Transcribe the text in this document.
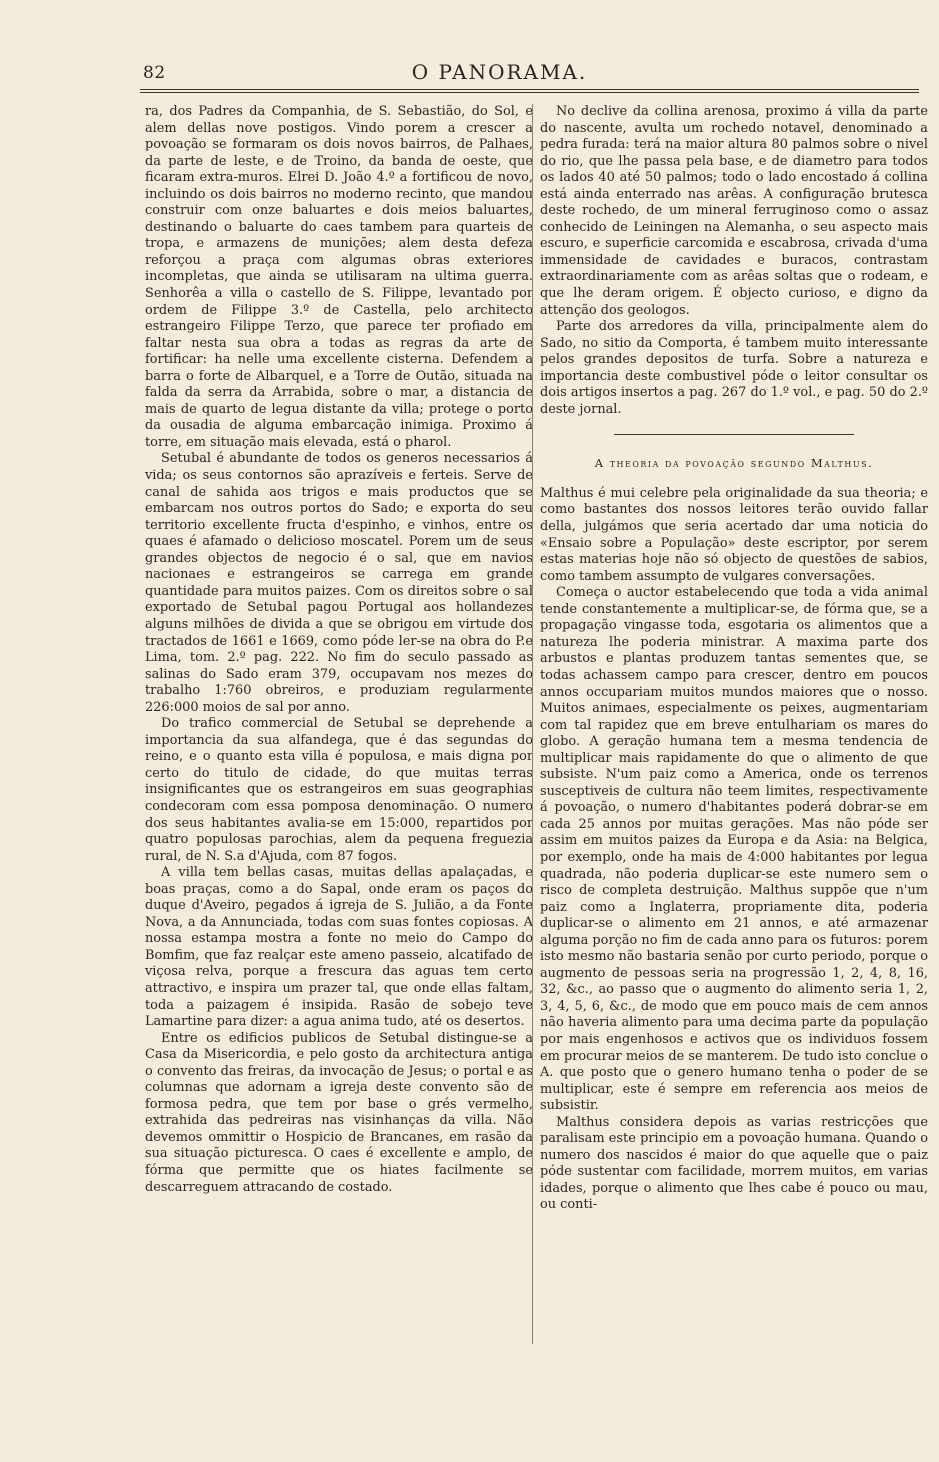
82	O PANORAMA.

ra, dos Padres da Companhia, de S. Sebastião, do Sol, e alem dellas nove postigos. Vindo porem a crescer a povoação se formaram os dois novos bairros, de Palhaes, da parte de leste, e de Troino, da banda de oeste, que ficaram extra-muros. Elrei D. João 4.º a fortificou de novo, incluindo os dois bairros no moderno recinto, que mandou construir com onze baluartes e dois meios baluartes, destinando o baluarte do caes tambem para quarteis de tropa, e armazens de munições; alem desta defeza reforçou a praça com algumas obras exteriores incompletas, que ainda se utilisaram na ultima guerra. Senhorêa a villa o castello de S. Filippe, levantado por ordem de Filippe 3.º de Castella, pelo architecto estrangeiro Filippe Terzo, que parece ter profiado em faltar nesta sua obra a todas as regras da arte de fortificar: ha nelle uma excellente cisterna. Defendem a barra o forte de Albarquel, e a Torre de Outão, situada na falda da serra da Arrabida, sobre o mar, a distancia de mais de quarto de legua distante da villa; protege o porto da ousadia de alguma embarcação inimiga. Proximo á torre, em situação mais elevada, está o pharol.

Setubal é abundante de todos os generos necessarios á vida; os seus contornos são aprazíveis e ferteis. Serve de canal de sahida aos trigos e mais productos que se embarcam nos outros portos do Sado; e exporta do seu territorio excellente fructa d'espinho, e vinhos, entre os quaes é afamado o delicioso moscatel. Porem um de seus grandes objectos de negocio é o sal, que em navios nacionaes e estrangeiros se carrega em grande quantidade para muitos paizes. Com os direitos sobre o sal exportado de Setubal pagou Portugal aos hollandezes alguns milhões de divida a que se obrigou em virtude dos tractados de 1661 e 1669, como póde ler-se na obra do P.e Lima, tom. 2.º pag. 222. No fim do seculo passado as salinas do Sado eram 379, occupavam nos mezes do trabalho 1:760 obreiros, e produziam regularmente 226:000 moios de sal por anno.

Do trafico commercial de Setubal se deprehende a importancia da sua alfandega, que é das segundas do reino, e o quanto esta villa é populosa, e mais digna por certo do titulo de cidade, do que muitas terras insignificantes que os estrangeiros em suas geographias condecoram com essa pomposa denominação. O numero dos seus habitantes avalia-se em 15:000, repartidos por quatro populosas parochias, alem da pequena freguezia rural, de N. S.a d'Ajuda, com 87 fogos.

A villa tem bellas casas, muitas dellas apalaçadas, e boas praças, como a do Sapal, onde eram os paços do duque d'Aveiro, pegados á igreja de S. Julião, a da Fonte Nova, a da Annunciada, todas com suas fontes copiosas. A nossa estampa mostra a fonte no meio do Campo do Bomfim, que faz realçar este ameno passeio, alcatifado de viçosa relva, porque a frescura das aguas tem certo attractivo, e inspira um prazer tal, que onde ellas faltam, toda a paizagem é insipida. Rasão de sobejo teve Lamartine para dizer: a agua anima tudo, até os desertos.

Entre os edificios publicos de Setubal distingue-se a Casa da Misericordia, e pelo gosto da architectura antiga o convento das freiras, da invocação de Jesus; o portal e as columnas que adornam a igreja deste convento são de formosa pedra, que tem por base o grés vermelho, extrahida das pedreiras nas visinhanças da villa. Não devemos ommittir o Hospicio de Brancanes, em rasão da sua situação picturesca. O caes é excellente e amplo, de fórma que permitte que os hiates facilmente se descarreguem attracando de costado.

No declive da collina arenosa, proximo á villa da parte do nascente, avulta um rochedo notavel, denominado a pedra furada: terá na maior altura 80 palmos sobre o nivel do rio, que lhe passa pela base, e de diametro para todos os lados 40 até 50 palmos; todo o lado encostado á collina está ainda enterrado nas arêas. A configuração brutesca deste rochedo, de um mineral ferruginoso como o assaz conhecido de Leiningen na Alemanha, o seu aspecto mais escuro, e superficie carcomida e escabrosa, crivada d'uma immensidade de cavidades e buracos, contrastam extraordinariamente com as arêas soltas que o rodeam, e que lhe deram origem. É objecto curioso, e digno da attenção dos geologos.

Parte dos arredores da villa, principalmente alem do Sado, no sitio da Comporta, é tambem muito interessante pelos grandes depositos de turfa. Sobre a natureza e importancia deste combustivel póde o leitor consultar os dois artigos insertos a pag. 267 do 1.º vol., e pag. 50 do 2.º deste jornal.

A theoria da povoação segundo Malthus.

Malthus é mui celebre pela originalidade da sua theoria; e como bastantes dos nossos leitores terão ouvido fallar della, julgámos que seria acertado dar uma noticia do «Ensaio sobre a População» deste escriptor, por serem estas materias hoje não só objecto de questões de sabios, como tambem assumpto de vulgares conversações.

Começa o auctor estabelecendo que toda a vida animal tende constantemente a multiplicar-se, de fórma que, se a propagação vingasse toda, esgotaria os alimentos que a natureza lhe poderia ministrar. A maxima parte dos arbustos e plantas produzem tantas sementes que, se todas achassem campo para crescer, dentro em poucos annos occupariam muitos mundos maiores que o nosso. Muitos animaes, especialmente os peixes, augmentariam com tal rapidez que em breve entulhariam os mares do globo. A geração humana tem a mesma tendencia de multiplicar mais rapidamente do que o alimento de que subsiste. N'um paiz como a America, onde os terrenos susceptiveis de cultura não teem limites, respectivamente á povoação, o numero d'habitantes poderá dobrar-se em cada 25 annos por muitas gerações. Mas não póde ser assim em muitos paizes da Europa e da Asia: na Belgica, por exemplo, onde ha mais de 4:000 habitantes por legua quadrada, não poderia duplicar-se este numero sem o risco de completa destruição. Malthus suppõe que n'um paiz como a Inglaterra, propriamente dita, poderia duplicar-se o alimento em 21 annos, e até armazenar alguma porção no fim de cada anno para os futuros: porem isto mesmo não bastaria senão por curto periodo, porque o augmento de pessoas seria na progressão 1, 2, 4, 8, 16, 32, &c., ao passo que o augmento do alimento seria 1, 2, 3, 4, 5, 6, &c., de modo que em pouco mais de cem annos não haveria alimento para uma decima parte da população por mais engenhosos e activos que os individuos fossem em procurar meios de se manterem. De tudo isto conclue o A. que posto que o genero humano tenha o poder de se multiplicar, este é sempre em referencia aos meios de subsistir.

Malthus considera depois as varias restricções que paralisam este principio em a povoação humana. Quando o numero dos nascidos é maior do que aquelle que o paiz póde sustentar com facilidade, morrem muitos, em varias idades, porque o alimento que lhes cabe é pouco ou mau, ou conti-
